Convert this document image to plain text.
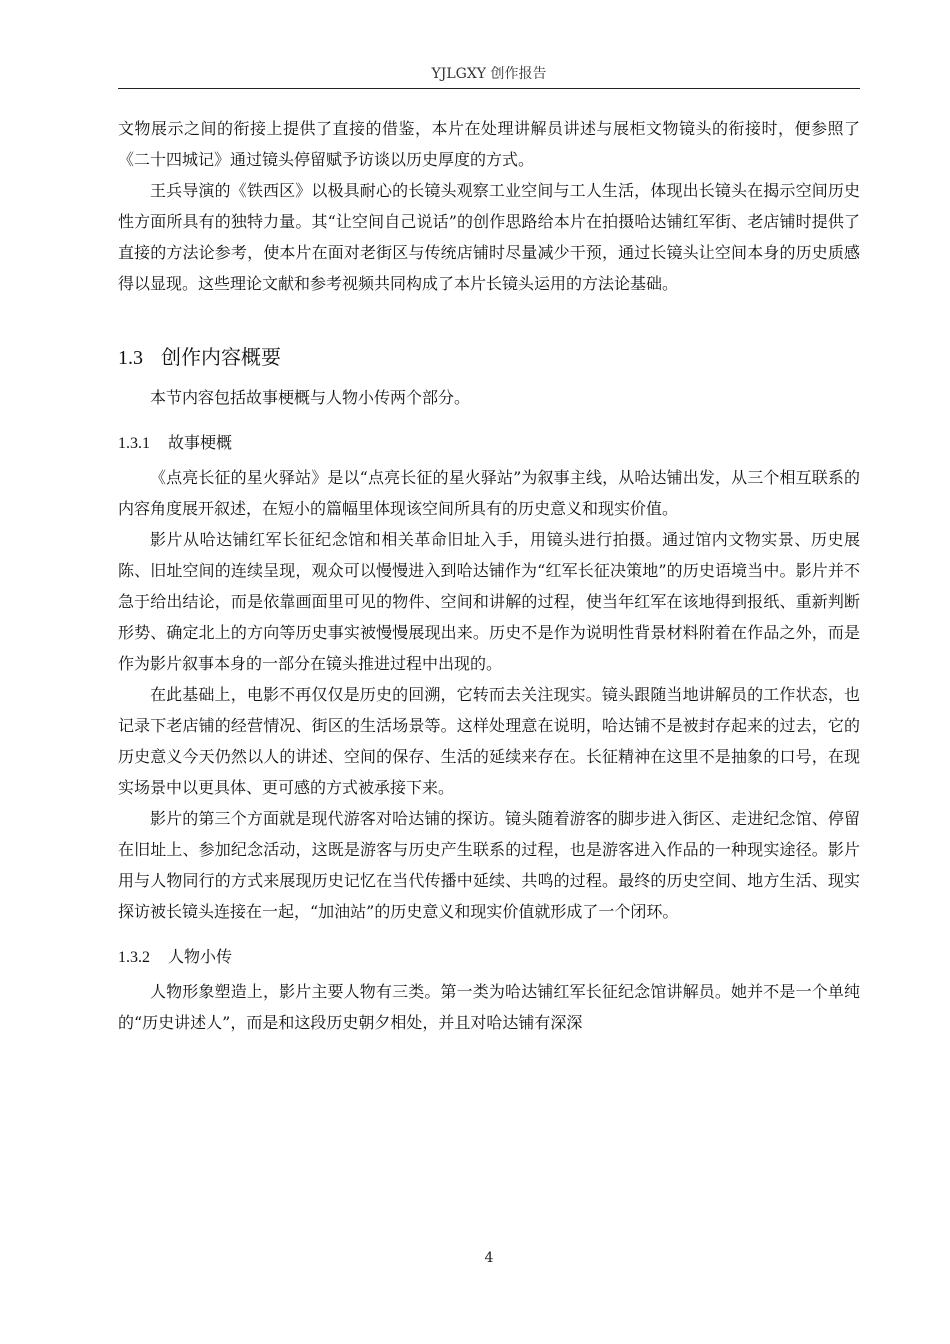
YJLGXY 创作报告

文物展示之间的衔接上提供了直接的借鉴，本片在处理讲解员讲述与展柜文物镜头的衔接时，便参照了《二十四城记》通过镜头停留赋予访谈以历史厚度的方式。

王兵导演的《铁西区》以极具耐心的长镜头观察工业空间与工人生活，体现出长镜头在揭示空间历史性方面所具有的独特力量。其“让空间自己说话”的创作思路给本片在拍摄哈达铺红军街、老店铺时提供了直接的方法论参考，使本片在面对老街区与传统店铺时尽量减少干预，通过长镜头让空间本身的历史质感得以显现。这些理论文献和参考视频共同构成了本片长镜头运用的方法论基础。

1.3 创作内容概要

本节内容包括故事梗概与人物小传两个部分。

1.3.1 故事梗概

《点亮长征的星火驿站》是以“点亮长征的星火驿站”为叙事主线，从哈达铺出发，从三个相互联系的内容角度展开叙述，在短小的篇幅里体现该空间所具有的历史意义和现实价值。

影片从哈达铺红军长征纪念馆和相关革命旧址入手，用镜头进行拍摄。通过馆内文物实景、历史展陈、旧址空间的连续呈现，观众可以慢慢进入到哈达铺作为“红军长征决策地”的历史语境当中。影片并不急于给出结论，而是依靠画面里可见的物件、空间和讲解的过程，使当年红军在该地得到报纸、重新判断形势、确定北上的方向等历史事实被慢慢展现出来。历史不是作为说明性背景材料附着在作品之外，而是作为影片叙事本身的一部分在镜头推进过程中出现的。

在此基础上，电影不再仅仅是历史的回溯，它转而去关注现实。镜头跟随当地讲解员的工作状态，也记录下老店铺的经营情况、街区的生活场景等。这样处理意在说明，哈达铺不是被封存起来的过去，它的历史意义今天仍然以人的讲述、空间的保存、生活的延续来存在。长征精神在这里不是抽象的口号，在现实场景中以更具体、更可感的方式被承接下来。

影片的第三个方面就是现代游客对哈达铺的探访。镜头随着游客的脚步进入街区、走进纪念馆、停留在旧址上、参加纪念活动，这既是游客与历史产生联系的过程，也是游客进入作品的一种现实途径。影片用与人物同行的方式来展现历史记忆在当代传播中延续、共鸣的过程。最终的历史空间、地方生活、现实探访被长镜头连接在一起，“加油站”的历史意义和现实价值就形成了一个闭环。

1.3.2 人物小传

人物形象塑造上，影片主要人物有三类。第一类为哈达铺红军长征纪念馆讲解员。她并不是一个单纯的“历史讲述人”，而是和这段历史朝夕相处，并且对哈达铺有深深

4
